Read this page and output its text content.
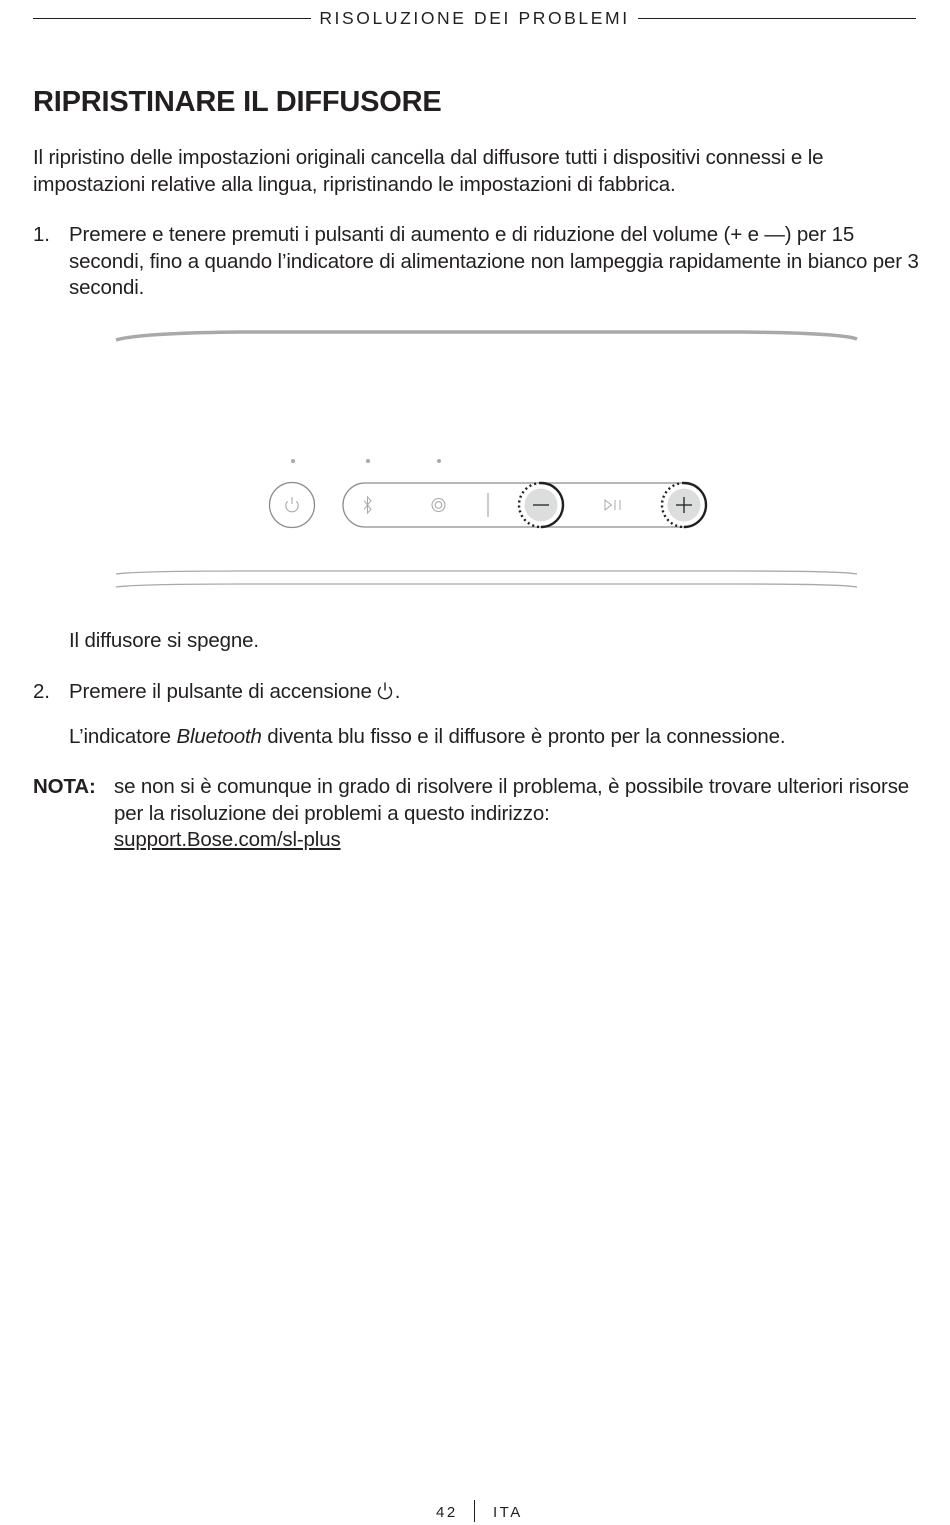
RISOLUZIONE DEI PROBLEMI
RIPRISTINARE IL DIFFUSORE

Il ripristino delle impostazioni originali cancella dal diffusore tutti i dispositivi connessi e le impostazioni relative alla lingua, ripristinando le impostazioni di fabbrica.

1. Premere e tenere premuti i pulsanti di aumento e di riduzione del volume (+ e —) per 15 secondi, fino a quando l’indicatore di alimentazione non lampeggia rapidamente in bianco per 3 secondi.
Il diffusore si spegne.
2. Premere il pulsante di accensione .
L’indicatore Bluetooth diventa blu fisso e il diffusore è pronto per la connessione.
NOTA: se non si è comunque in grado di risolvere il problema, è possibile trovare ulteriori risorse per la risoluzione dei problemi a questo indirizzo:
support.Bose.com/sl-plus
42 ITA
